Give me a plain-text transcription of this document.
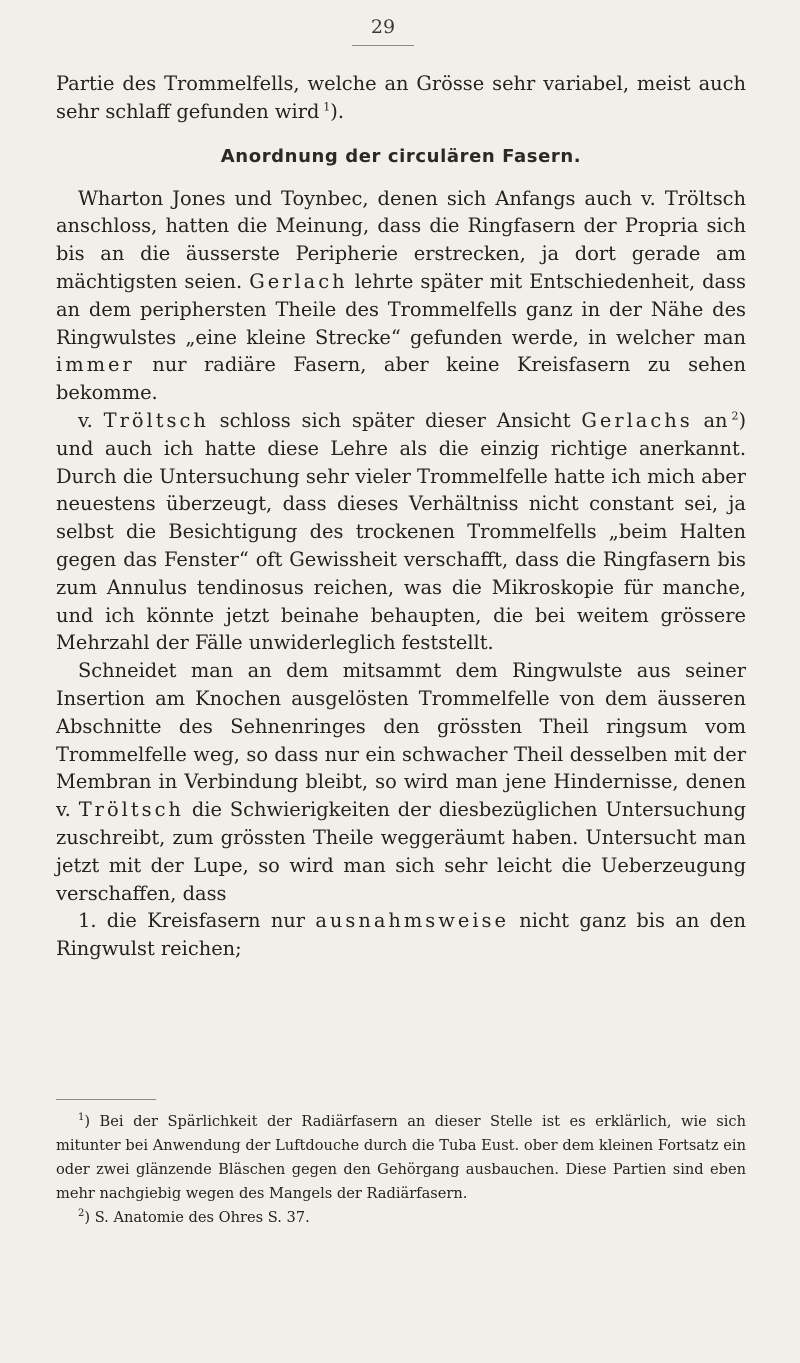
29

Partie des Trommelfells, welche an Grösse sehr variabel, meist auch sehr schlaff gefunden wird  $^1$).

Anordnung der circulären Fasern.

Wharton Jones und Toynbec, denen sich Anfangs auch v. Tröltsch anschloss, hatten die Meinung, dass die Ringfasern der Propria sich bis an die äusserste Peripherie erstrecken, ja dort gerade am mächtigsten seien. Gerlach lehrte später mit Entschiedenheit, dass an dem periphersten Theile des Trommelfells ganz in der Nähe des Ringwulstes „eine kleine Strecke“ gefunden werde, in welcher man immer nur radiäre Fasern, aber keine Kreisfasern zu sehen bekomme.

v. Tröltsch schloss sich später dieser Ansicht Gerlachs an  $^2$) und auch ich hatte diese Lehre als die einzig richtige anerkannt. Durch die Untersuchung sehr vieler Trommelfelle hatte ich mich aber neuestens überzeugt, dass dieses Verhältniss nicht constant sei, ja selbst die Besichtigung des trockenen Trommelfells „beim Halten gegen das Fenster“ oft Gewissheit verschafft, dass die Ringfasern bis zum Annulus tendinosus reichen, was die Mikroskopie für manche, und ich könnte jetzt beinahe behaupten, die bei weitem grössere Mehrzahl der Fälle unwiderleglich feststellt.

Schneidet man an dem mitsammt dem Ringwulste aus seiner Insertion am Knochen ausgelösten Trommelfelle von dem äusseren Abschnitte des Sehnenringes den grössten Theil ringsum vom Trommelfelle weg, so dass nur ein schwacher Theil desselben mit der Membran in Verbindung bleibt, so wird man jene Hindernisse, denen v. Tröltsch die Schwierigkeiten der diesbezüglichen Untersuchung zuschreibt, zum grössten Theile weggeräumt haben. Untersucht man jetzt mit der Lupe, so wird man sich sehr leicht die Ueberzeugung verschaffen, dass

1. die Kreisfasern nur ausnahmsweise nicht ganz bis an den Ringwulst reichen;

$^1$) Bei der Spärlichkeit der Radiärfasern an dieser Stelle ist es erklärlich, wie sich mitunter bei Anwendung der Luftdouche durch die Tuba Eust. ober dem kleinen Fortsatz ein oder zwei glänzende Bläschen gegen den Gehörgang ausbauchen. Diese Partien sind eben mehr nachgiebig wegen des Mangels der Radiärfasern.

$^2$) S. Anatomie des Ohres S. 37.
